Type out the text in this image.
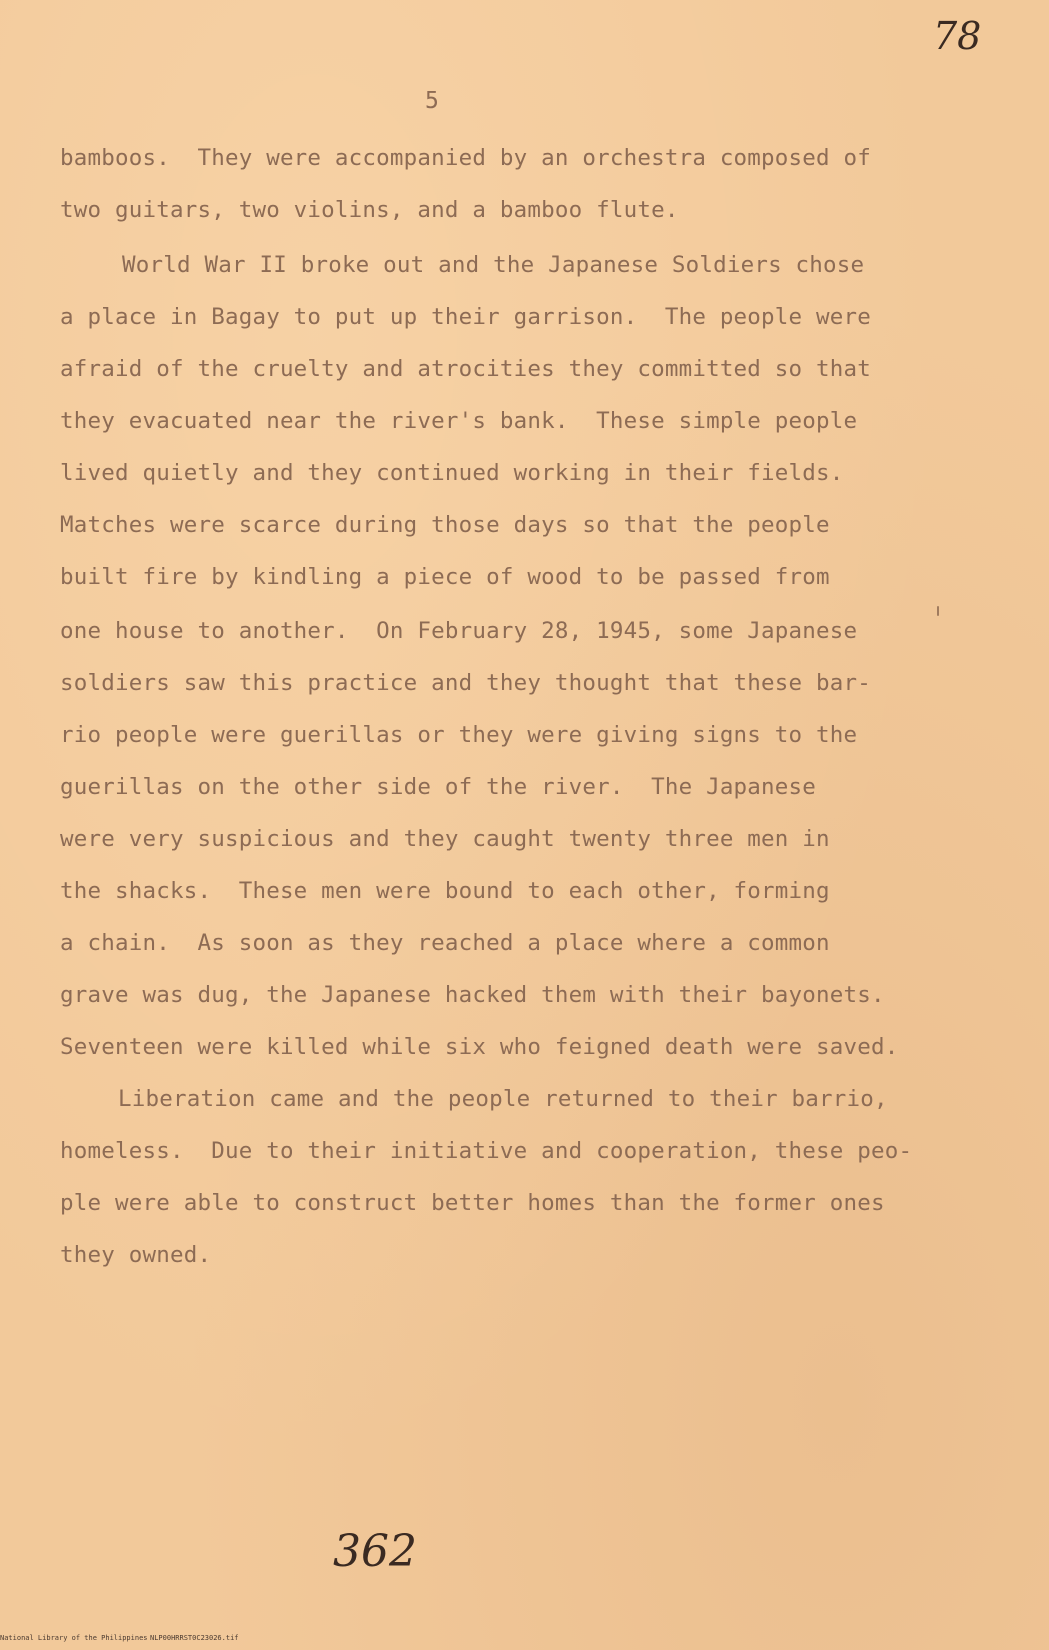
78
5
bamboos.  They were accompanied by an orchestra composed of
two guitars, two violins, and a bamboo flute.
World War II broke out and the Japanese Soldiers chose
a place in Bagay to put up their garrison.  The people were
afraid of the cruelty and atrocities they committed so that
they evacuated near the river's bank.  These simple people
lived quietly and they continued working in their fields.
Matches were scarce during those days so that the people
built fire by kindling a piece of wood to be passed from
one house to another.  On February 28, 1945, some Japanese
soldiers saw this practice and they thought that these bar-
rio people were guerillas or they were giving signs to the
guerillas on the other side of the river.  The Japanese
were very suspicious and they caught twenty three men in
the shacks.  These men were bound to each other, forming
a chain.  As soon as they reached a place where a common
grave was dug, the Japanese hacked them with their bayonets.
Seventeen were killed while six who feigned death were saved.
Liberation came and the people returned to their barrio,
homeless.  Due to their initiative and cooperation, these peo-
ple were able to construct better homes than the former ones
they owned.
362
National Library of the Philippines NLP00HRRST0C23026.tif
